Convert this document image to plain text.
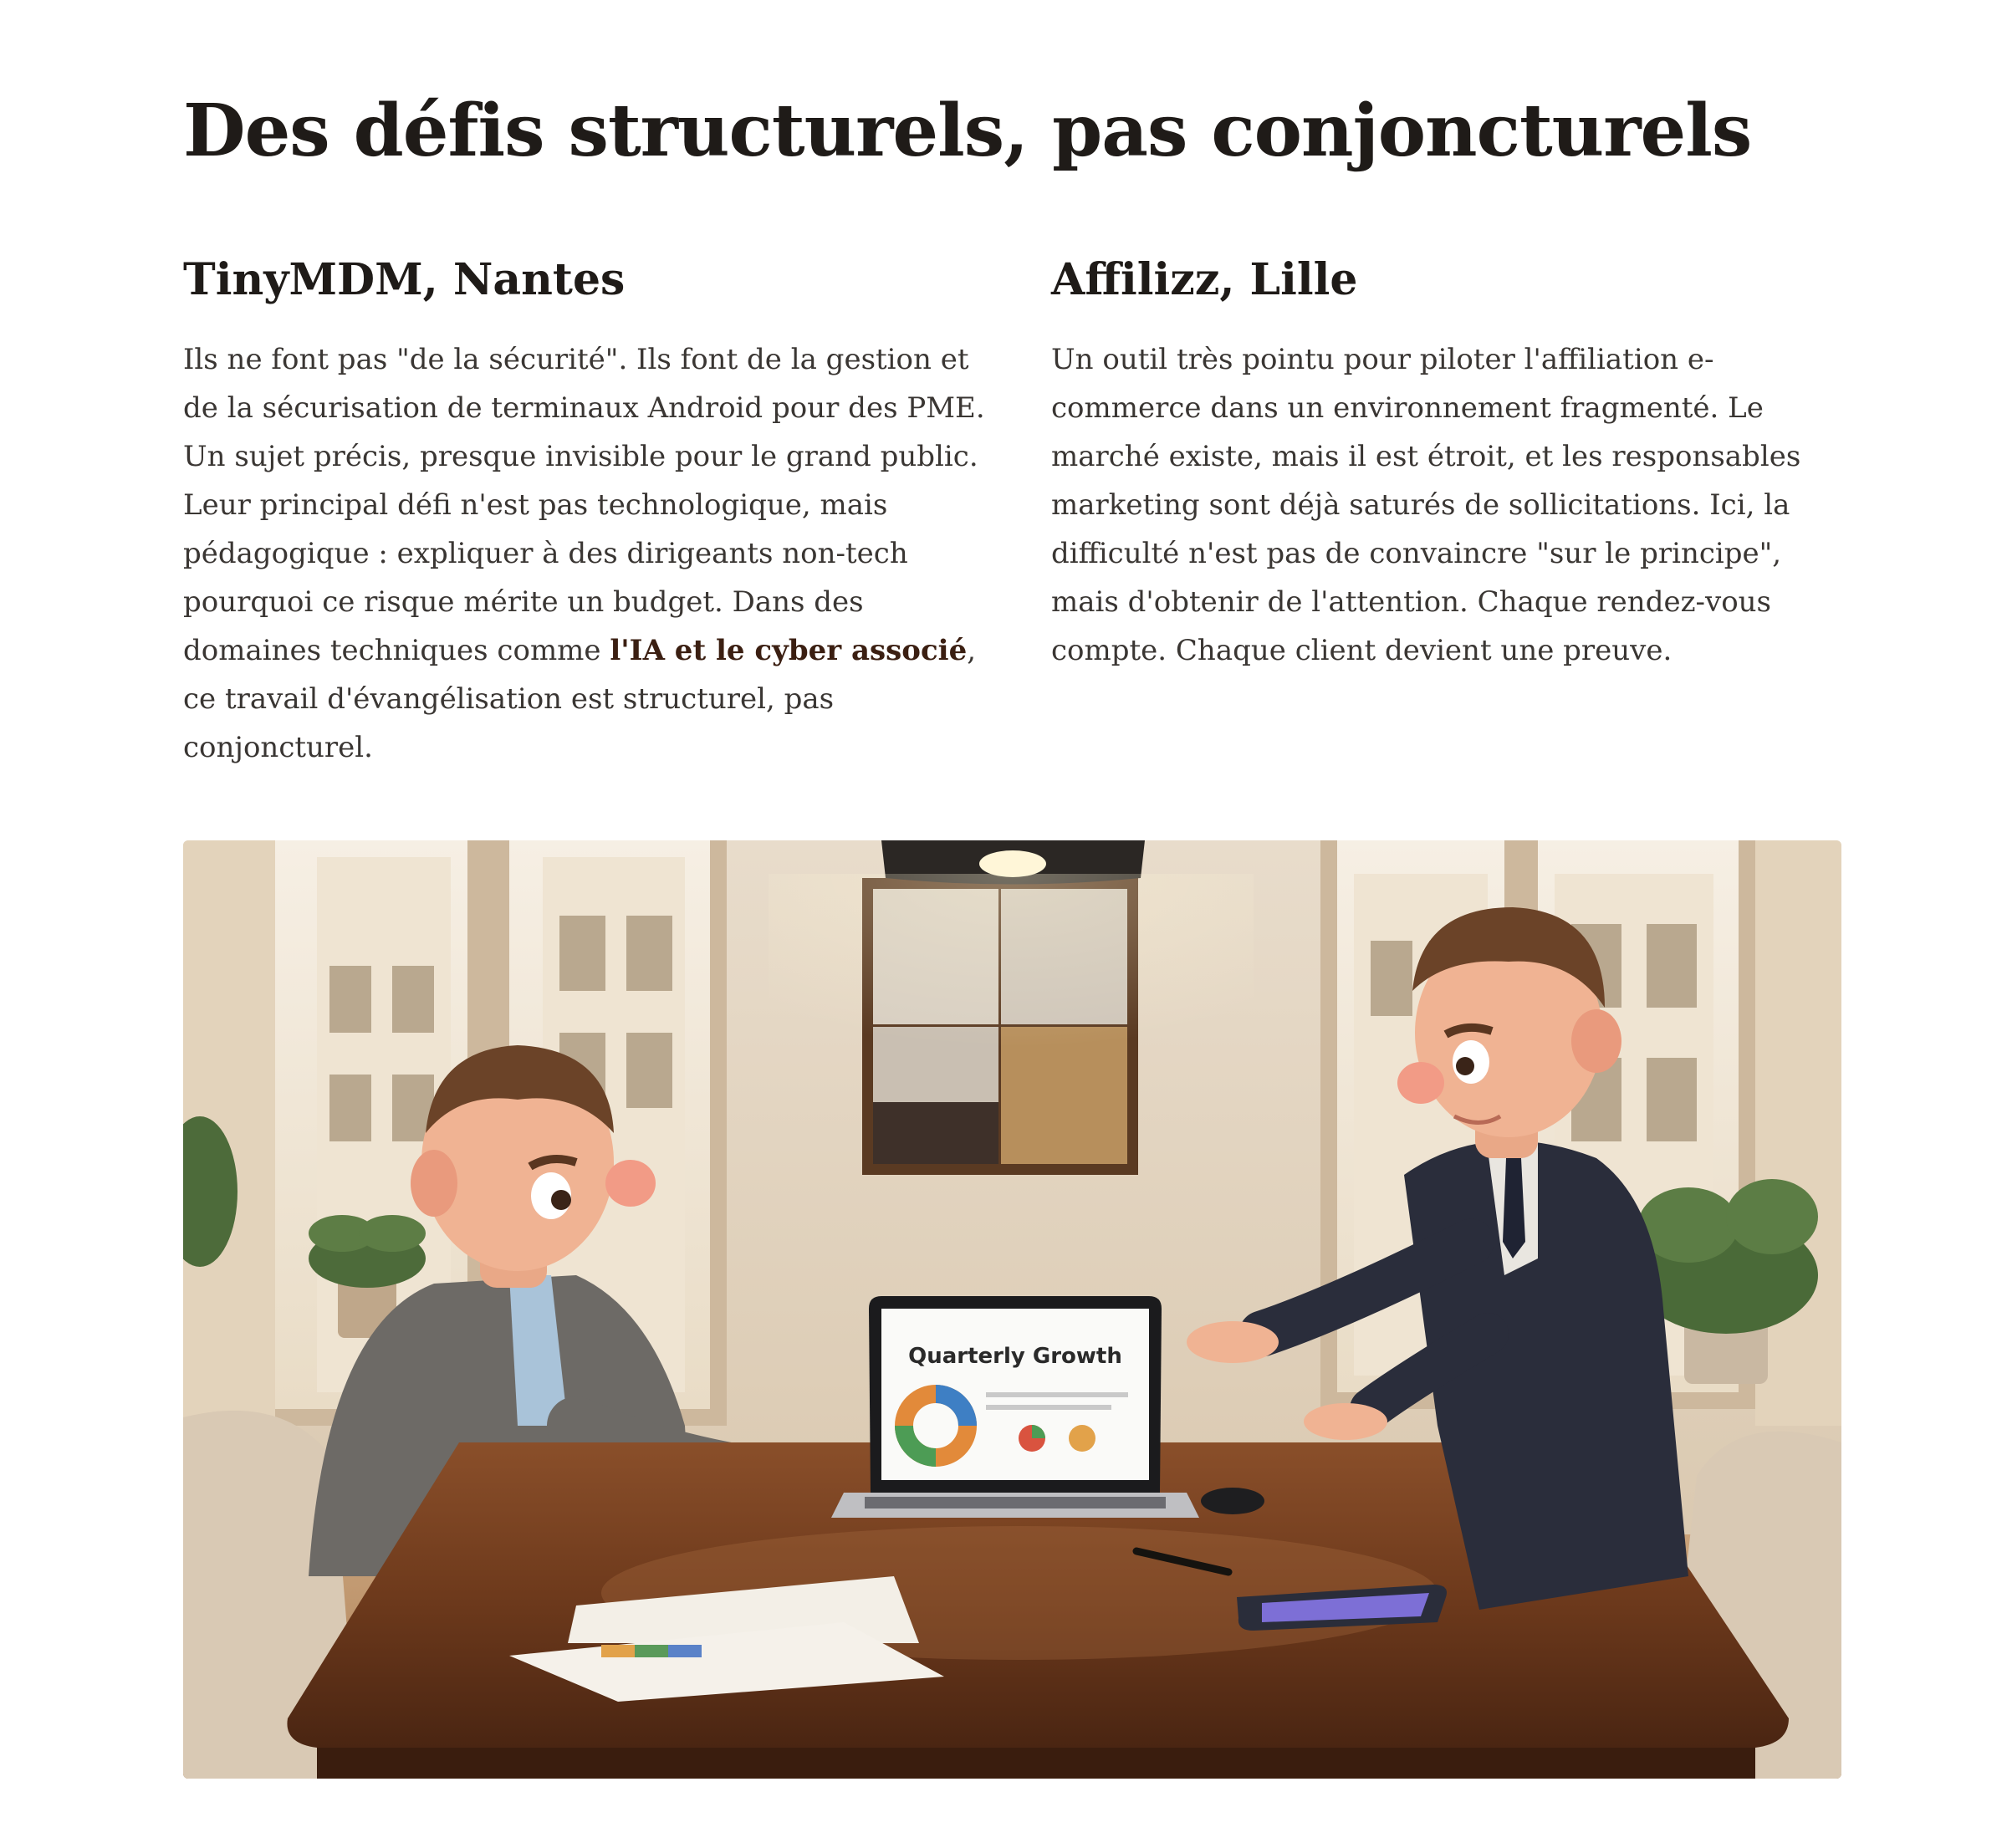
Des défis structurels, pas conjoncturels
TinyMDM, Nantes

Ils ne font pas "de la sécurité". Ils font de la gestion et de la sécurisation de terminaux Android pour des PME. Un sujet précis, presque invisible pour le grand public. Leur principal défi n'est pas technologique, mais pédagogique : expliquer à des dirigeants non-tech pourquoi ce risque mérite un budget. Dans des domaines techniques comme l'IA et le cyber associé, ce travail d'évangélisation est structurel, pas conjoncturel.

Affilizz, Lille

Un outil très pointu pour piloter l'affiliation e-commerce dans un environnement fragmenté. Le marché existe, mais il est étroit, et les responsables marketing sont déjà saturés de sollicitations. Ici, la difficulté n'est pas de convaincre "sur le principe", mais d'obtenir de l'attention. Chaque rendez-vous compte. Chaque client devient une preuve.

Quarterly Growth
